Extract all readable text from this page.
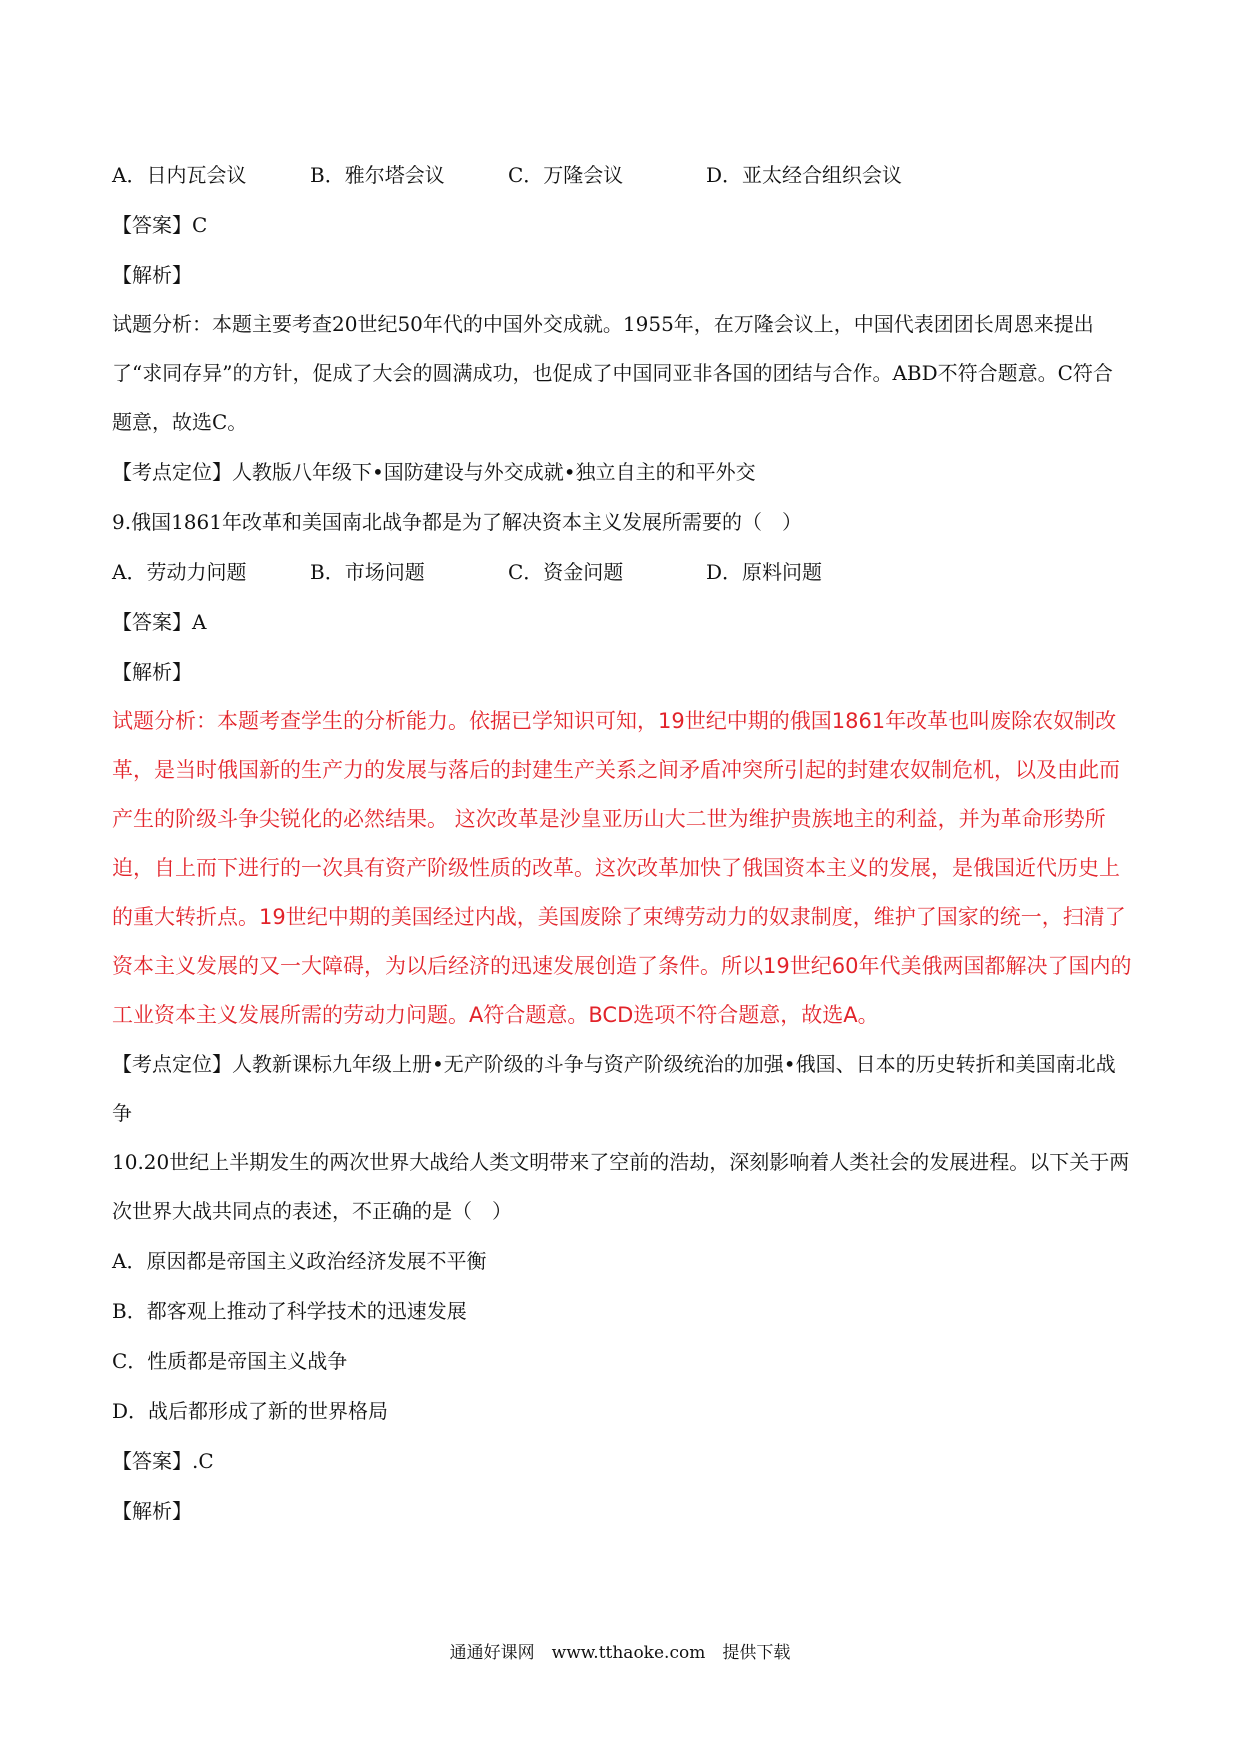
A．日内瓦会议	B．雅尔塔会议	C．万隆会议	D．亚太经合组织会议
【答案】C
【解析】

试题分析：本题主要考查20世纪50年代的中国外交成就。1955年，在万隆会议上，中国代表团团长周恩来提出了“求同存异”的方针，促成了大会的圆满成功，也促成了中国同亚非各国的团结与合作。ABD不符合题意。C符合题意，故选C。

【考点定位】人教版八年级下•国防建设与外交成就•独立自主的和平外交
9.俄国1861年改革和美国南北战争都是为了解决资本主义发展所需要的（　）
A．劳动力问题	B．市场问题	C．资金问题	D．原料问题
【答案】A
【解析】

试题分析：本题考查学生的分析能力。依据已学知识可知，19世纪中期的俄国1861年改革也叫废除农奴制改革，是当时俄国新的生产力的发展与落后的封建生产关系之间矛盾冲突所引起的封建农奴制危机，以及由此而产生的阶级斗争尖锐化的必然结果。 这次改革是沙皇亚历山大二世为维护贵族地主的利益，并为革命形势所迫，自上而下进行的一次具有资产阶级性质的改革。这次改革加快了俄国资本主义的发展，是俄国近代历史上的重大转折点。19世纪中期的美国经过内战，美国废除了束缚劳动力的奴隶制度，维护了国家的统一，扫清了资本主义发展的又一大障碍，为以后经济的迅速发展创造了条件。所以19世纪60年代美俄两国都解决了国内的工业资本主义发展所需的劳动力问题。A符合题意。BCD选项不符合题意，故选A。

【考点定位】人教新课标九年级上册•无产阶级的斗争与资产阶级统治的加强•俄国、日本的历史转折和美国南北战争

10.20世纪上半期发生的两次世界大战给人类文明带来了空前的浩劫，深刻影响着人类社会的发展进程。以下关于两次世界大战共同点的表述，不正确的是（　）

A．原因都是帝国主义政治经济发展不平衡
B．都客观上推动了科学技术的迅速发展
C．性质都是帝国主义战争
D．战后都形成了新的世界格局
【答案】.C
【解析】
通通好课网　www.tthaoke.com　提供下载
